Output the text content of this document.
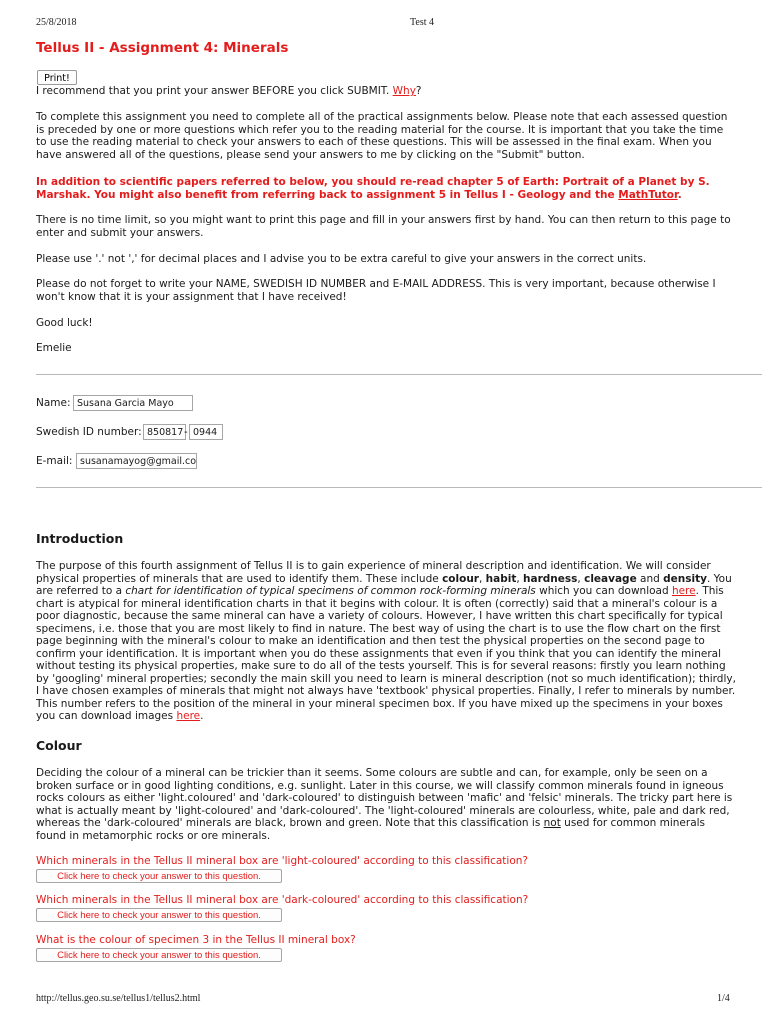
25/8/2018	Test 4
Tellus II - Assignment 4: Minerals
Print!

I recommend that you print your answer BEFORE you click SUBMIT. Why?

To complete this assignment you need to complete all of the practical assignments below. Please note that each assessed question is preceded by one or more questions which refer you to the reading material for the course. It is important that you take the time to use the reading material to check your answers to each of these questions. This will be assessed in the final exam. When you have answered all of the questions, please send your answers to me by clicking on the "Submit" button.

In addition to scientific papers referred to below, you should re-read chapter 5 of Earth: Portrait of a Planet by S. Marshak. You might also benefit from referring back to assignment 5 in Tellus I - Geology and the MathTutor.

There is no time limit, so you might want to print this page and fill in your answers first by hand. You can then return to this page to enter and submit your answers.

Please use '.' not ',' for decimal places and I advise you to be extra careful to give your answers in the correct units.

Please do not forget to write your NAME, SWEDISH ID NUMBER and E-MAIL ADDRESS. This is very important, because otherwise I won't know that it is your assignment that I have received!

Good luck!

Emelie

Name: Susana Garcia Mayo
Swedish ID number: 850817 - 0944
E-mail: susanamayog@gmail.co
Introduction

The purpose of this fourth assignment of Tellus II is to gain experience of mineral description and identification. We will consider physical properties of minerals that are used to identify them. These include colour, habit, hardness, cleavage and density. You are referred to a chart for identification of typical specimens of common rock-forming minerals which you can download here. This chart is atypical for mineral identification charts in that it begins with colour. It is often (correctly) said that a mineral's colour is a poor diagnostic, because the same mineral can have a variety of colours. However, I have written this chart specifically for typical specimens, i.e. those that you are most likely to find in nature. The best way of using the chart is to use the flow chart on the first page beginning with the mineral's colour to make an identification and then test the physical properties on the second page to confirm your identification. It is important when you do these assignments that even if you think that you can identify the mineral without testing its physical properties, make sure to do all of the tests yourself. This is for several reasons: firstly you learn nothing by 'googling' mineral properties; secondly the main skill you need to learn is mineral description (not so much identification); thirdly, I have chosen examples of minerals that might not always have 'textbook' physical properties. Finally, I refer to minerals by number. This number refers to the position of the mineral in your mineral specimen box. If you have mixed up the specimens in your boxes you can download images here.

Colour

Deciding the colour of a mineral can be trickier than it seems. Some colours are subtle and can, for example, only be seen on a broken surface or in good lighting conditions, e.g. sunlight. Later in this course, we will classify common minerals found in igneous rocks colours as either 'light.coloured' and 'dark-coloured' to distinguish between 'mafic' and 'felsic' minerals. The tricky part here is what is actually meant by 'light-coloured' and 'dark-coloured'. The 'light-coloured' minerals are colourless, white, pale and dark red, whereas the 'dark-coloured' minerals are black, brown and green. Note that this classification is not used for common minerals found in metamorphic rocks or ore minerals.

Which minerals in the Tellus II mineral box are 'light-coloured' according to this classification?
Click here to check your answer to this question.
Which minerals in the Tellus II mineral box are 'dark-coloured' according to this classification?
Click here to check your answer to this question.
What is the colour of specimen 3 in the Tellus II mineral box?
Click here to check your answer to this question.
http://tellus.geo.su.se/tellus1/tellus2.html	1/4
